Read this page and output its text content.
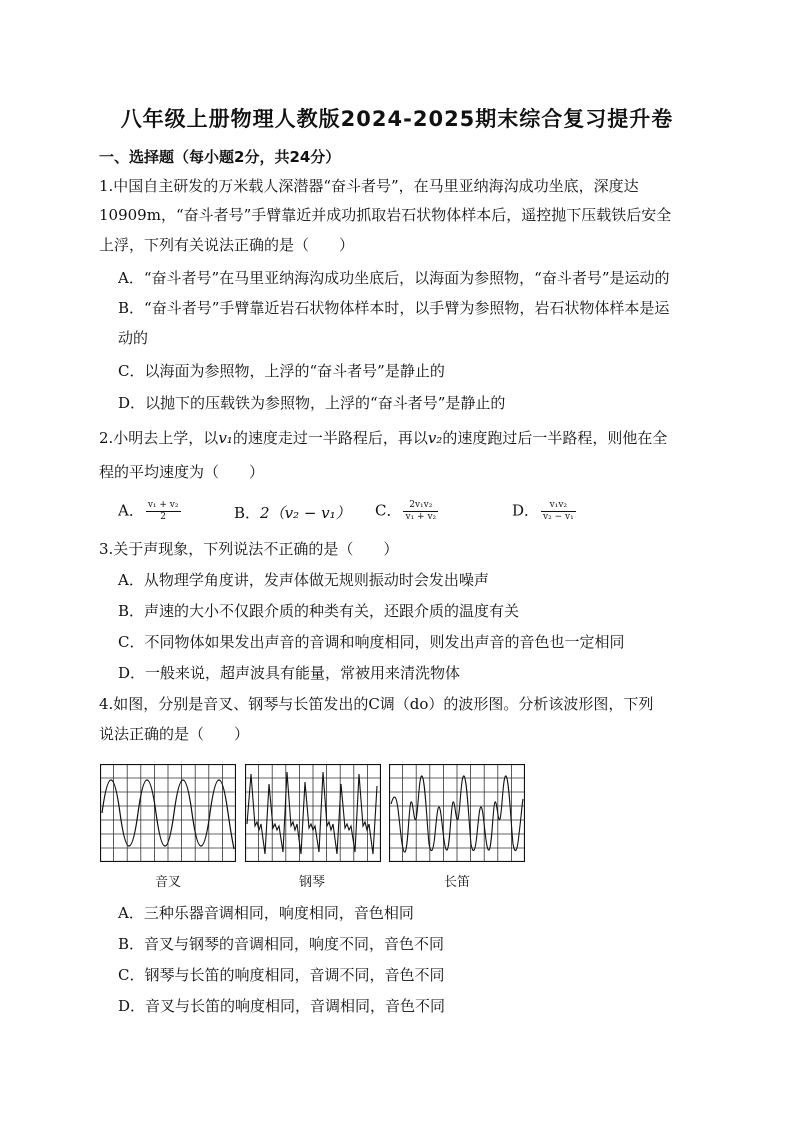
八年级上册物理人教版2024-2025期末综合复习提升卷
一、选择题（每小题2分，共24分）
1.中国自主研发的万米载人深潜器“奋斗者号”，在马里亚纳海沟成功坐底，深度达
10909m，“奋斗者号”手臂靠近并成功抓取岩石状物体样本后，遥控抛下压载铁后安全
上浮，下列有关说法正确的是（　　）
A．“奋斗者号”在马里亚纳海沟成功坐底后，以海面为参照物，“奋斗者号”是运动的
B．“奋斗者号”手臂靠近岩石状物体样本时，以手臂为参照物，岩石状物体样本是运
动的
C．以海面为参照物，上浮的“奋斗者号”是静止的
D．以抛下的压载铁为参照物，上浮的“奋斗者号”是静止的
2.小明去上学，以v₁的速度走过一半路程后，再以v₂的速度跑过后一半路程，则他在全
程的平均速度为（　　）
A． $\frac{\text{v₁ + v₂}}{2}$	B．2（v₂ − v₁） C． $\frac{\text{2v₁v₂}}{\text{v₁ + v₂}}$	D． $\frac{\text{v₁v₂}}{\text{v₂ − v₁}}$
3.关于声现象，下列说法不正确的是（　　）
A．从物理学角度讲，发声体做无规则振动时会发出噪声
B．声速的大小不仅跟介质的种类有关，还跟介质的温度有关
C．不同物体如果发出声音的音调和响度相同，则发出声音的音色也一定相同
D．一般来说，超声波具有能量，常被用来清洗物体
4.如图，分别是音叉、钢琴与长笛发出的C调（do）的波形图。分析该波形图，下列
说法正确的是（　　）
音叉	钢琴	长笛
A．三种乐器音调相同，响度相同，音色相同
B．音叉与钢琴的音调相同，响度不同，音色不同
C．钢琴与长笛的响度相同，音调不同，音色不同
D．音叉与长笛的响度相同，音调相同，音色不同
